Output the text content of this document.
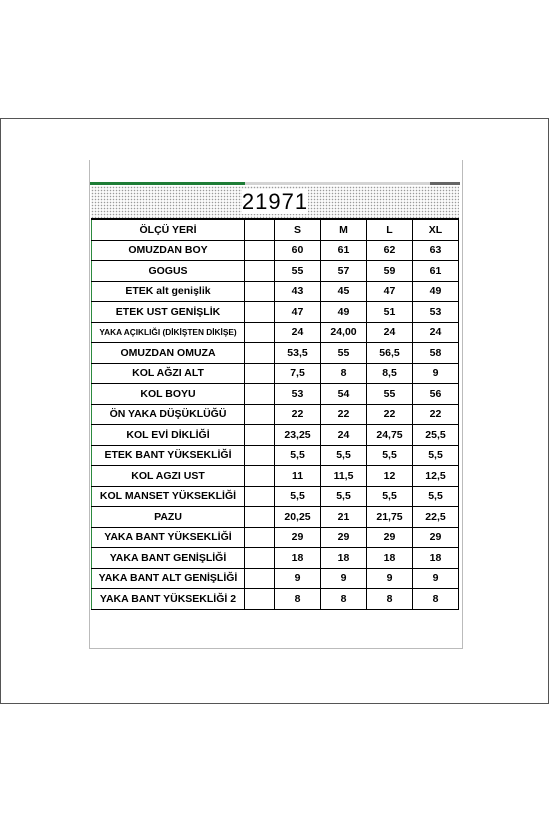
21971
ÖLÇÜ YERİ		S	M	L	XL
OMUZDAN BOY		60	61	62	63
GOGUS		55	57	59	61
ETEK alt genişlik		43	45	47	49
ETEK UST GENİŞLİK		47	49	51	53
YAKA AÇIKLIĞI (DİKİŞTEN DİKİŞE)		24	24,00	24	24
OMUZDAN OMUZA		53,5	55	56,5	58
KOL AĞZI ALT		7,5	8	8,5	9
KOL BOYU		53	54	55	56
ÖN YAKA DÜŞÜKLÜĞÜ		22	22	22	22
KOL EVİ DİKLİĞİ		23,25	24	24,75	25,5
ETEK BANT YÜKSEKLİĞİ		5,5	5,5	5,5	5,5
KOL AGZI UST		11	11,5	12	12,5
KOL MANSET YÜKSEKLİĞİ		5,5	5,5	5,5	5,5
PAZU		20,25	21	21,75	22,5
YAKA BANT YÜKSEKLİĞİ		29	29	29	29
YAKA BANT GENİŞLİĞİ		18	18	18	18
YAKA BANT ALT GENİŞLİĞİ		9	9	9	9
YAKA BANT YÜKSEKLİĞİ 2		8	8	8	8
